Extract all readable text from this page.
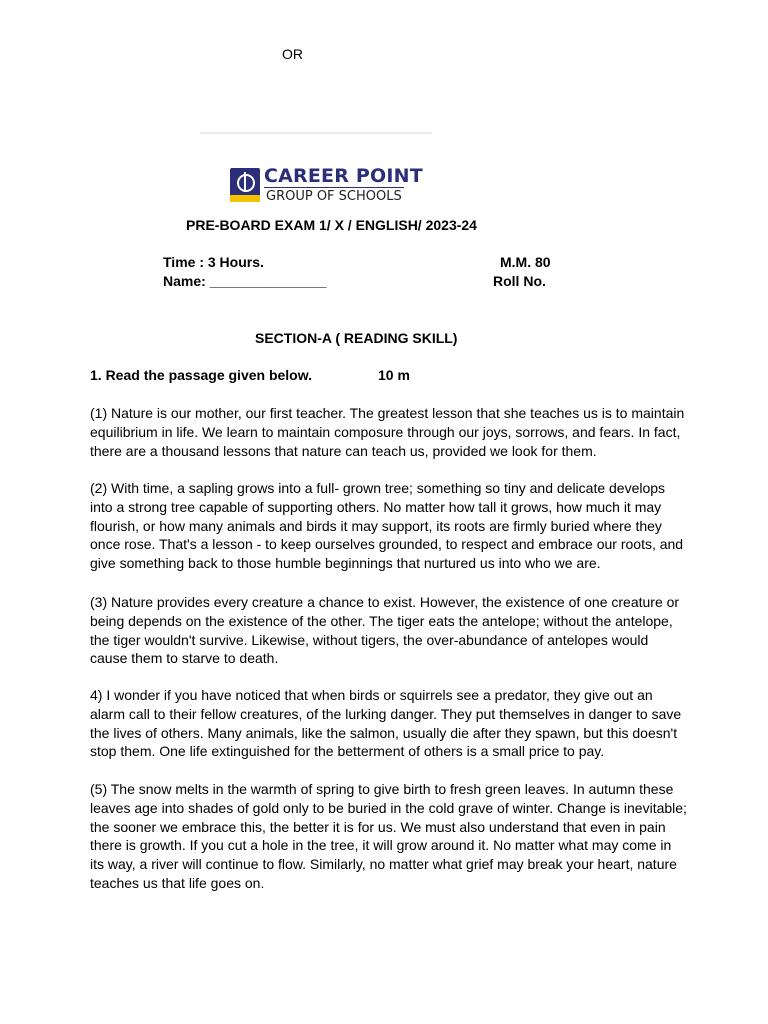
OR
CAREER POINT
GROUP OF SCHOOLS
PRE-BOARD EXAM 1/ X / ENGLISH/ 2023-24
Time : 3 Hours.	M.M. 80
Name: _______________	Roll No.
SECTION-A ( READING SKILL)
1. Read the passage given below.	10 m

(1) Nature is our mother, our first teacher. The greatest lesson that she teaches us is to maintain equilibrium in life. We learn to maintain composure through our joys, sorrows, and fears. In fact, there are a thousand lessons that nature can teach us, provided we look for them.

(2) With time, a sapling grows into a full- grown tree; something so tiny and delicate develops into a strong tree capable of supporting others. No matter how tall it grows, how much it may flourish, or how many animals and birds it may support, its roots are firmly buried where they once rose. That's a lesson - to keep ourselves grounded, to respect and embrace our roots, and give something back to those humble beginnings that nurtured us into who we are.

(3) Nature provides every creature a chance to exist. However, the existence of one creature or being depends on the existence of the other. The tiger eats the antelope; without the antelope, the tiger wouldn't survive. Likewise, without tigers, the over-abundance of antelopes would cause them to starve to death.

4) I wonder if you have noticed that when birds or squirrels see a predator, they give out an alarm call to their fellow creatures, of the lurking danger. They put themselves in danger to save the lives of others. Many animals, like the salmon, usually die after they spawn, but this doesn't stop them. One life extinguished for the betterment of others is a small price to pay.

(5) The snow melts in the warmth of spring to give birth to fresh green leaves. In autumn these leaves age into shades of gold only to be buried in the cold grave of winter. Change is inevitable; the sooner we embrace this, the better it is for us. We must also understand that even in pain there is growth. If you cut a hole in the tree, it will grow around it. No matter what may come in its way, a river will continue to flow. Similarly, no matter what grief may break your heart, nature teaches us that life goes on.
